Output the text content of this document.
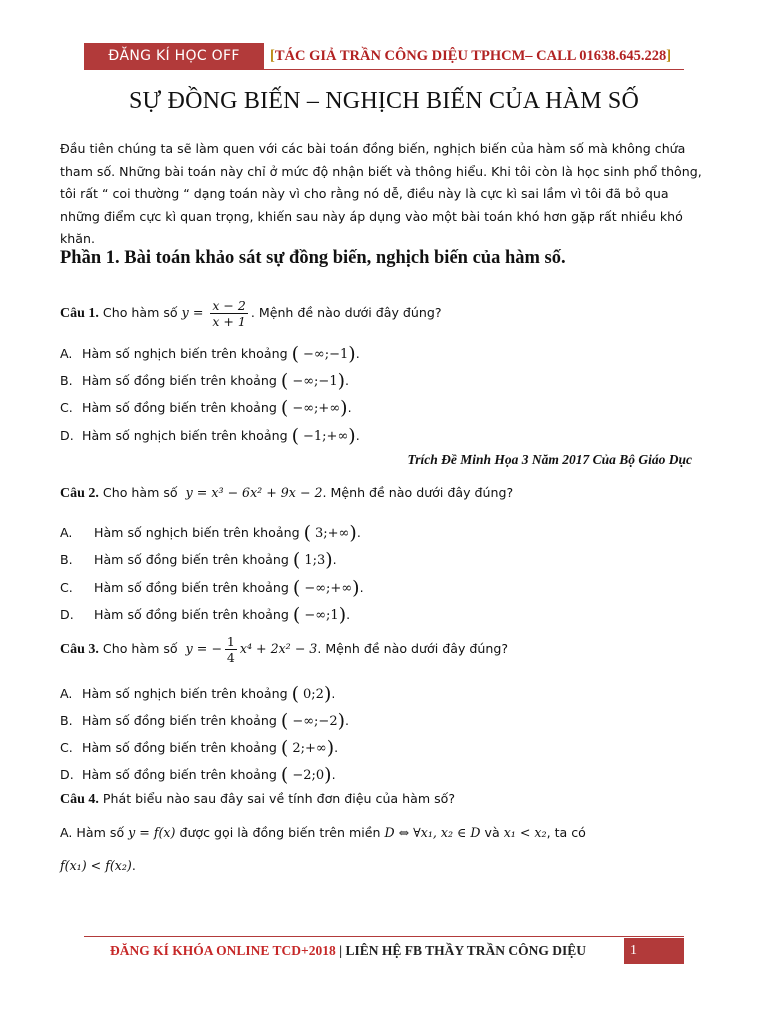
ĐĂNG KÍ HỌC OFF	[TÁC GIẢ TRẦN CÔNG DIỆU TPHCM– CALL 01638.645.228]
SỰ ĐỒNG BIẾN – NGHỊCH BIẾN CỦA HÀM SỐ
Đầu tiên chúng ta sẽ làm quen với các bài toán đồng biến, nghịch biến của hàm số mà không chứa tham số. Những bài toán này chỉ ở mức độ nhận biết và thông hiểu. Khi tôi còn là học sinh phổ thông, tôi rất “ coi thường “ dạng toán này vì cho rằng nó dễ, điều này là cực kì sai lầm vì tôi đã bỏ qua những điểm cực kì quan trọng, khiến sau này áp dụng vào một bài toán khó hơn gặp rất nhiều khó khăn.
Phần 1. Bài toán khảo sát sự đồng biến, nghịch biến của hàm số.
Câu 1. Cho hàm số $y = \frac{x - 2}{x + 1}$ . Mệnh đề nào dưới đây đúng?
A. Hàm số nghịch biến trên khoảng ( −∞;−1).
B. Hàm số đồng biến trên khoảng ( −∞;−1).
C. Hàm số đồng biến trên khoảng ( −∞;+∞).
D. Hàm số nghịch biến trên khoảng ( −1;+∞).
Trích Đề Minh Họa 3 Năm 2017 Của Bộ Giáo Dục
Câu 2. Cho hàm số y = x³ − 6x² + 9x − 2. Mệnh đề nào dưới đây đúng?
A. Hàm số nghịch biến trên khoảng ( 3;+∞).
B. Hàm số đồng biến trên khoảng ( 1;3).
C. Hàm số đồng biến trên khoảng ( −∞;+∞).
D. Hàm số đồng biến trên khoảng ( −∞;1).
Câu 3. Cho hàm số y = − $\frac{1}{4} x^4 + 2x^2 - 3$. Mệnh đề nào dưới đây đúng?
A. Hàm số nghịch biến trên khoảng ( 0;2).
B. Hàm số đồng biến trên khoảng ( −∞;−2).
C. Hàm số đồng biến trên khoảng ( 2;+∞).
D. Hàm số đồng biến trên khoảng ( −2;0).
Câu 4. Phát biểu nào sau đây sai về tính đơn điệu của hàm số?
A. Hàm số y = f(x) được gọi là đồng biến trên miền D ⇔ ∀x₁, x₂ ∈ D và x₁ < x₂, ta có
f(x₁) < f(x₂).
ĐĂNG KÍ KHÓA ONLINE TCD+2018 | LIÊN HỆ FB THẦY TRẦN CÔNG DIỆU	1
